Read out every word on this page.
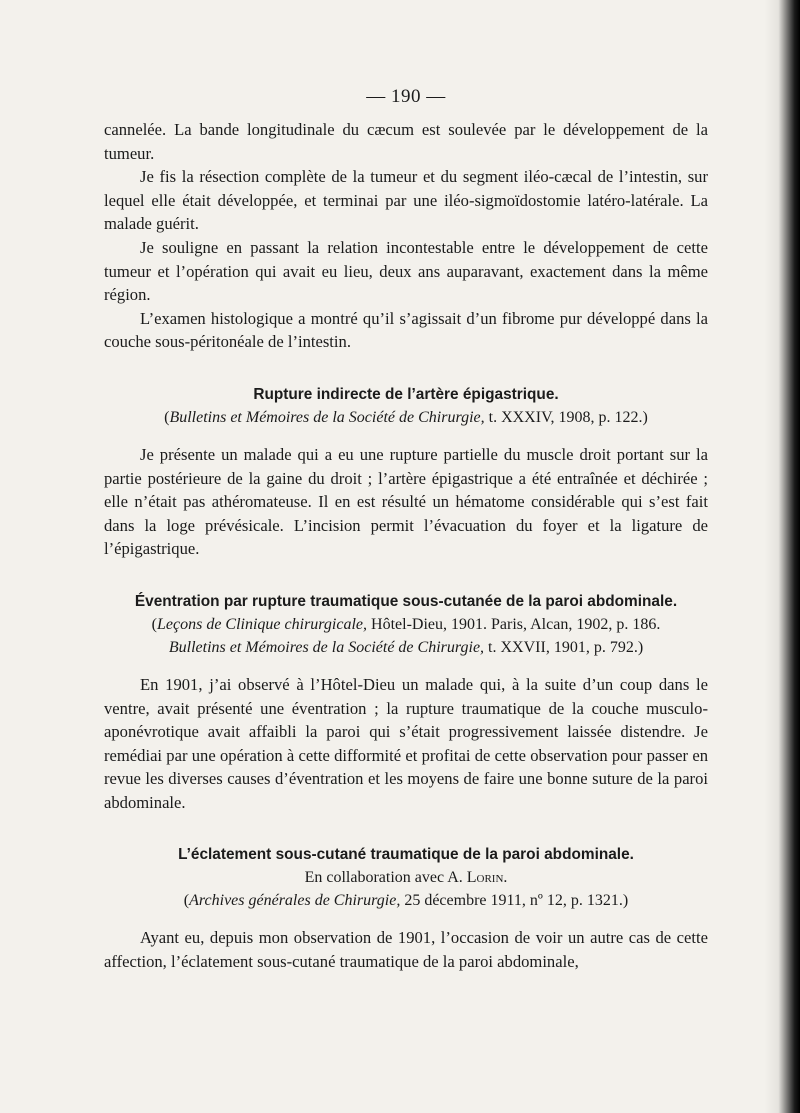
— 190 —

cannelée. La bande longitudinale du cæcum est soulevée par le développement de la tumeur.

Je fis la résection complète de la tumeur et du segment iléo-cæcal de l’intestin, sur lequel elle était développée, et terminai par une iléo-sigmoïdostomie latéro-latérale. La malade guérit.

Je souligne en passant la relation incontestable entre le développement de cette tumeur et l’opération qui avait eu lieu, deux ans auparavant, exactement dans la même région.

L’examen histologique a montré qu’il s’agissait d’un fibrome pur développé dans la couche sous-péritonéale de l’intestin.

Rupture indirecte de l’artère épigastrique.
(Bulletins et Mémoires de la Société de Chirurgie, t. XXXIV, 1908, p. 122.)

Je présente un malade qui a eu une rupture partielle du muscle droit portant sur la partie postérieure de la gaine du droit ; l’artère épigastrique a été entraînée et déchirée ; elle n’était pas athéromateuse. Il en est résulté un hématome considérable qui s’est fait dans la loge prévésicale. L’incision permit l’évacuation du foyer et la ligature de l’épigastrique.

Éventration par rupture traumatique sous-cutanée de la paroi abdominale.
(Leçons de Clinique chirurgicale, Hôtel-Dieu, 1901. Paris, Alcan, 1902, p. 186.
Bulletins et Mémoires de la Société de Chirurgie, t. XXVII, 1901, p. 792.)

En 1901, j’ai observé à l’Hôtel-Dieu un malade qui, à la suite d’un coup dans le ventre, avait présenté une éventration ; la rupture traumatique de la couche musculo-aponévrotique avait affaibli la paroi qui s’était progressivement laissée distendre. Je remédiai par une opération à cette difformité et profitai de cette observation pour passer en revue les diverses causes d’éventration et les moyens de faire une bonne suture de la paroi abdominale.

L’éclatement sous-cutané traumatique de la paroi abdominale.
En collaboration avec A. Lorin.
(Archives générales de Chirurgie, 25 décembre 1911, nº 12, p. 1321.)

Ayant eu, depuis mon observation de 1901, l’occasion de voir un autre cas de cette affection, l’éclatement sous-cutané traumatique de la paroi abdominale,
